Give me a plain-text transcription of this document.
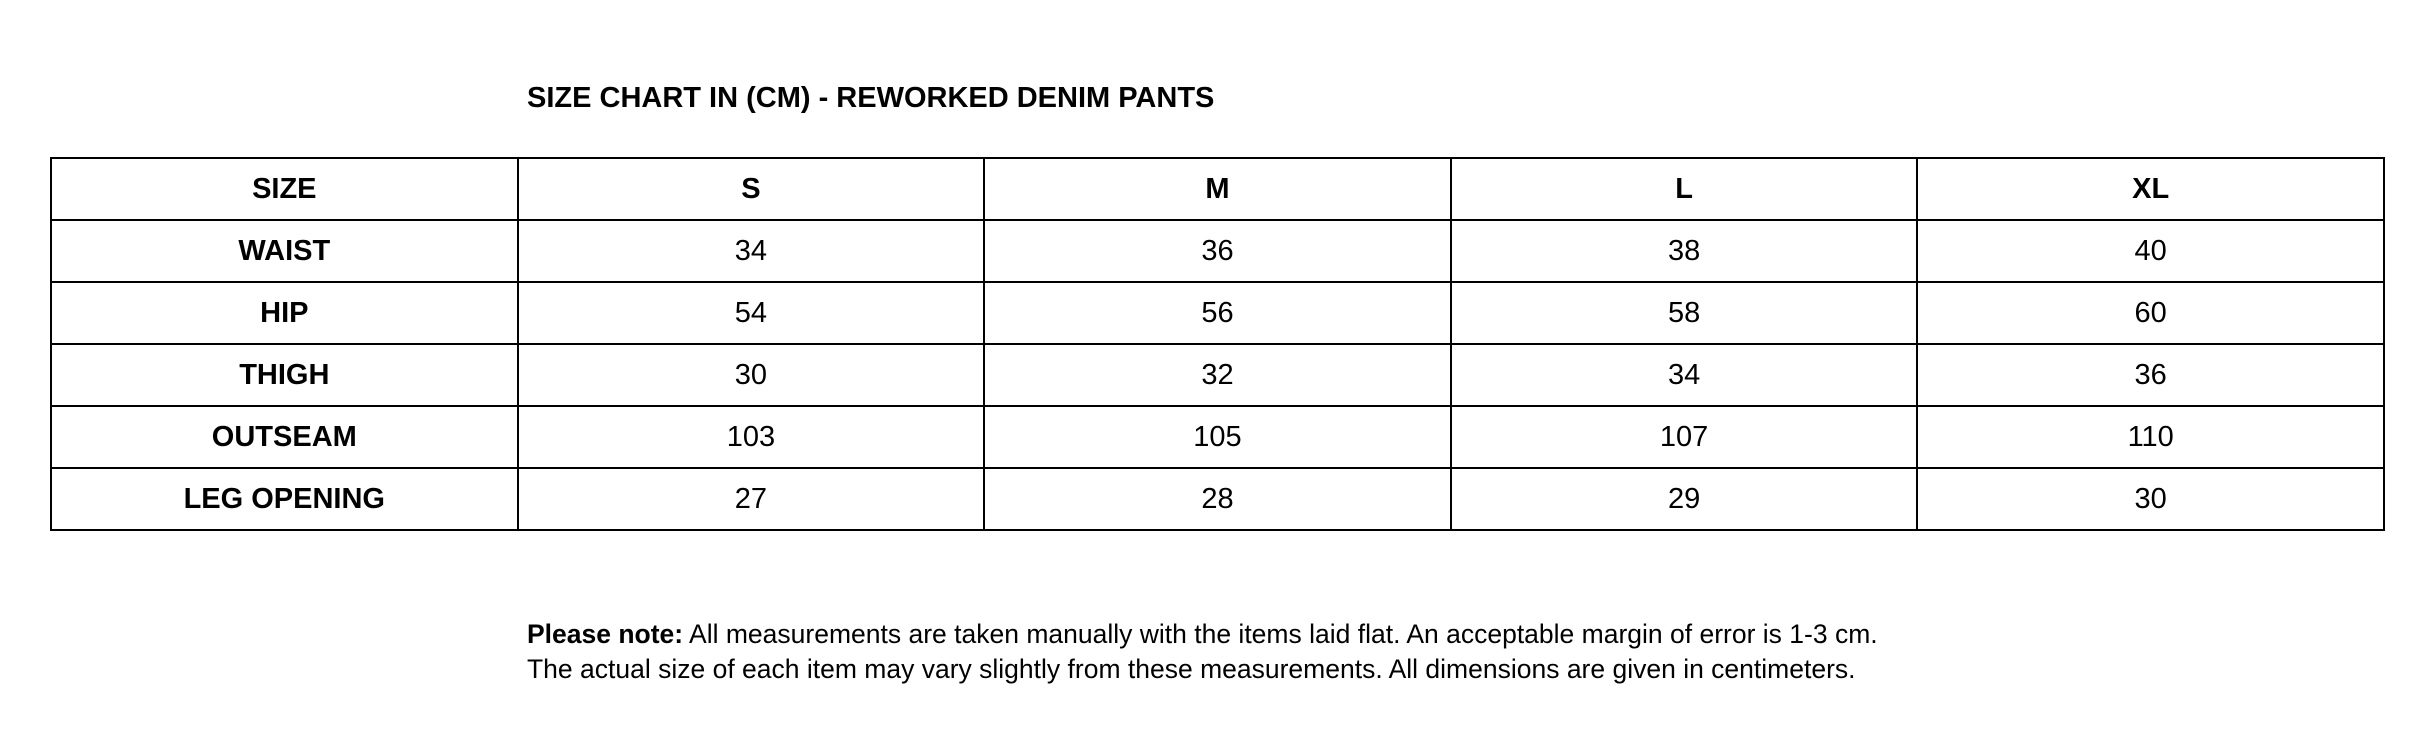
SIZE CHART IN (CM) - REWORKED DENIM PANTS
SIZE	S	M	L	XL
WAIST	34	36	38	40
HIP	54	56	58	60
THIGH	30	32	34	36
OUTSEAM	103	105	107	110
LEG OPENING	27	28	29	30
Please note: All measurements are taken manually with the items laid flat. An acceptable margin of error is 1-3 cm.
The actual size of each item may vary slightly from these measurements. All dimensions are given in centimeters.
